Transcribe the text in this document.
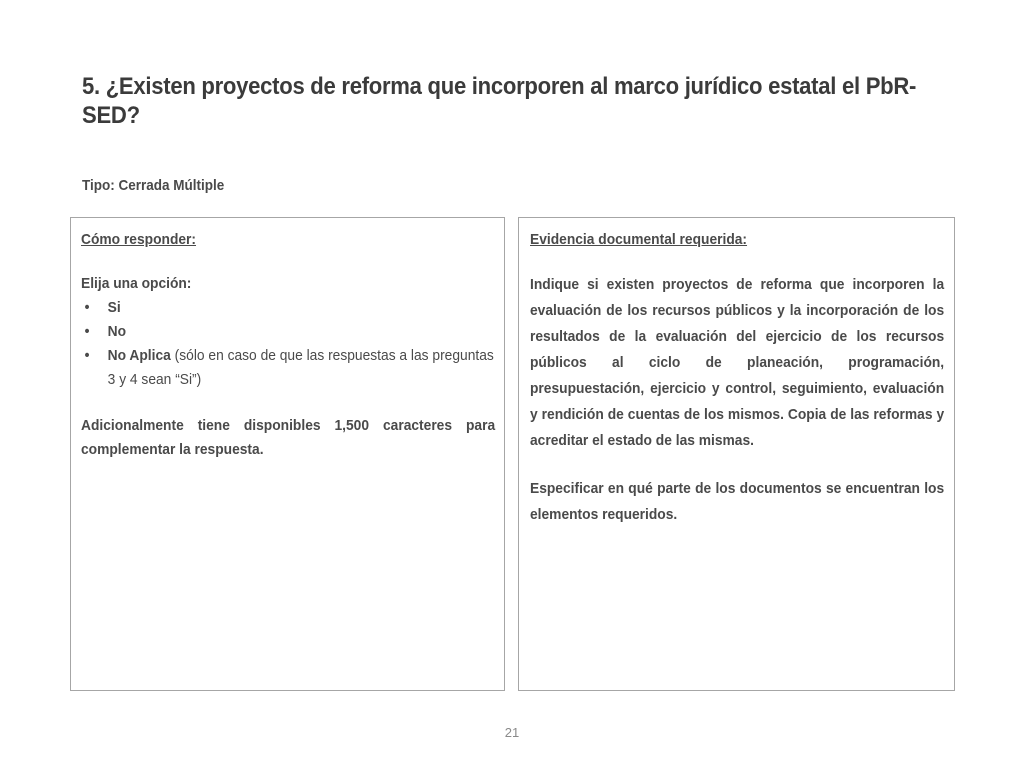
5. ¿Existen proyectos de reforma que incorporen al marco jurídico estatal el PbR-SED?

Tipo: Cerrada Múltiple

Cómo responder:

Elija una opción:

• Si
• No
• No Aplica (sólo en caso de que las respuestas a las preguntas 3 y 4 sean “Si”)

Adicionalmente tiene disponibles 1,500 caracteres para complementar la respuesta.

Evidencia documental requerida:

Indique si existen proyectos de reforma que incorporen la evaluación de los recursos públicos y la incorporación de los resultados de la evaluación del ejercicio de los recursos públicos al ciclo de planeación, programación, presupuestación, ejercicio y control, seguimiento, evaluación y rendición de cuentas de los mismos. Copia de las reformas y acreditar el estado de las mismas.

Especificar en qué parte de los documentos se encuentran los elementos requeridos.

21
